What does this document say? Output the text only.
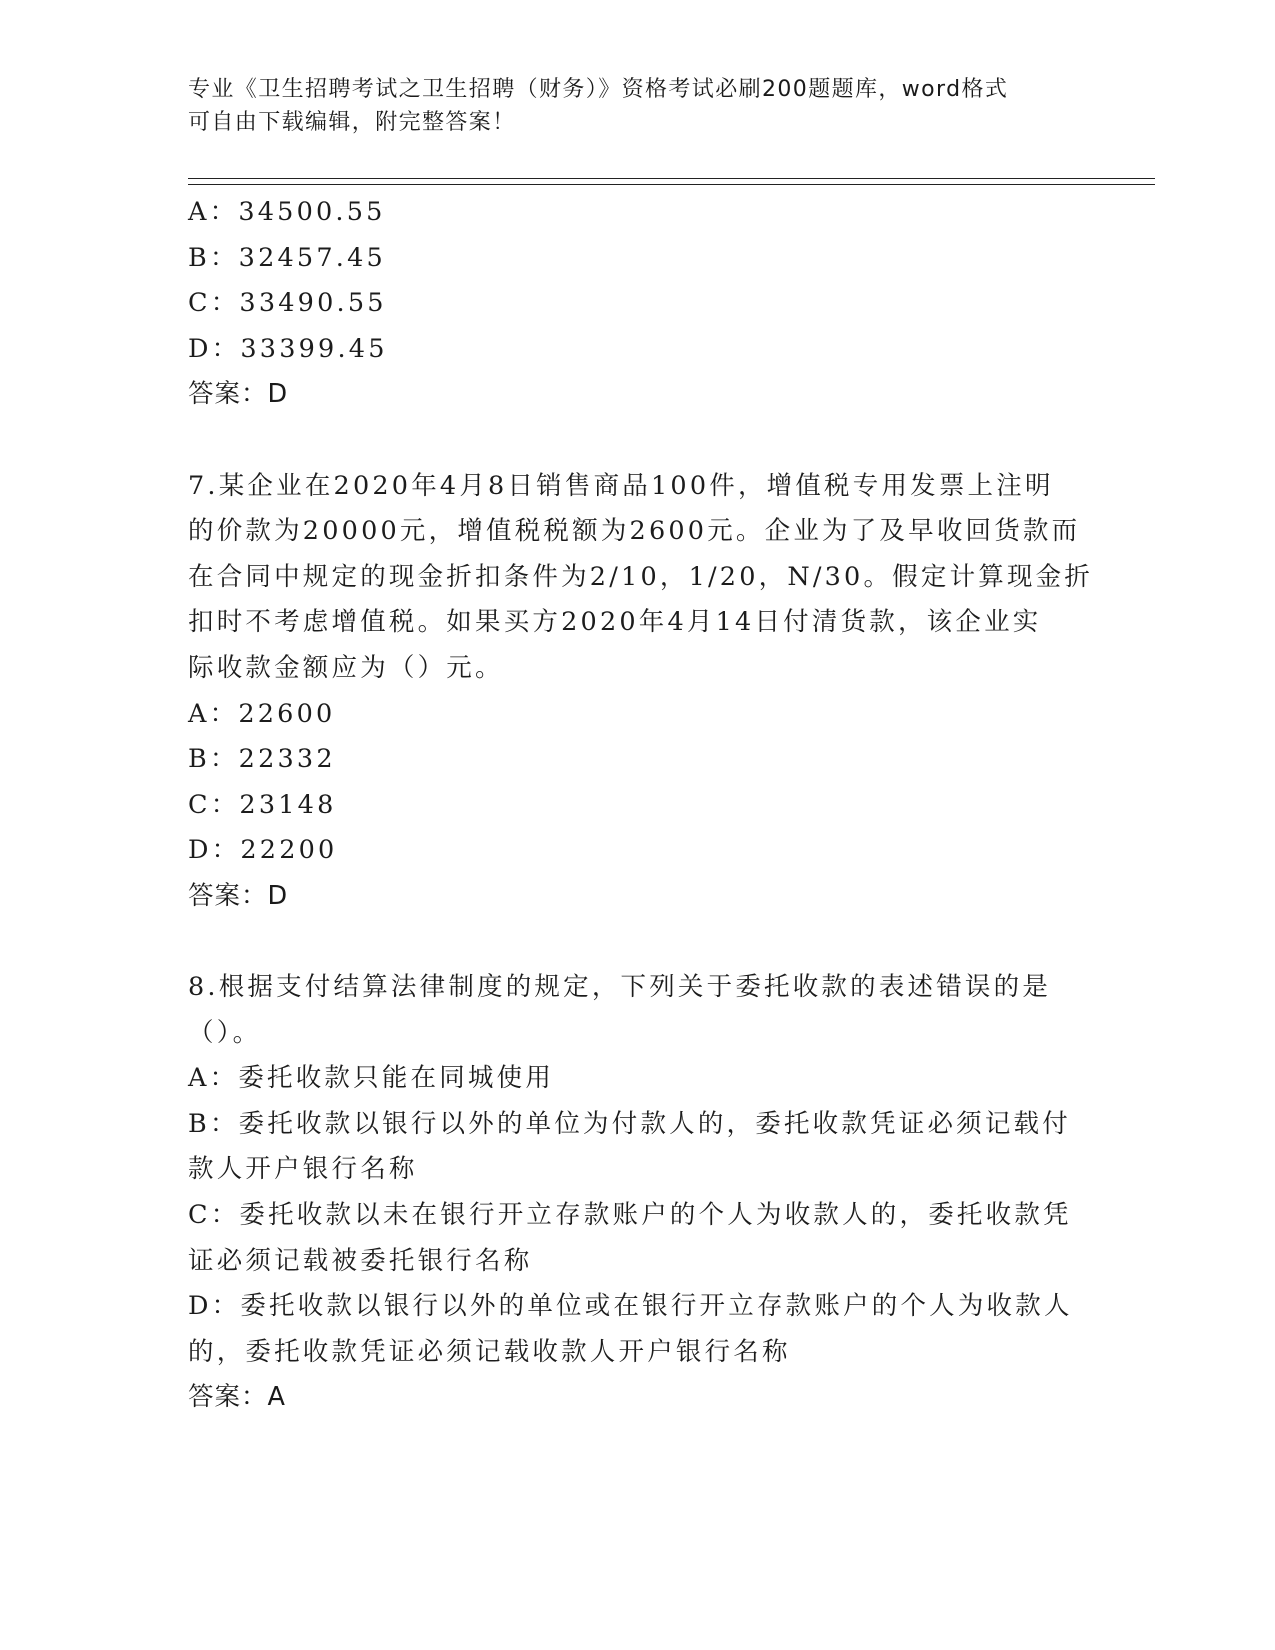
专业《卫生招聘考试之卫生招聘（财务）》资格考试必刷200题题库，word格式
可自由下载编辑，附完整答案！
A：34500.55
B：32457.45
C：33490.55
D：33399.45
答案：D
7.某企业在2020年4月8日销售商品100件，增值税专用发票上注明
的价款为20000元，增值税税额为2600元。企业为了及早收回货款而
在合同中规定的现金折扣条件为2/10，1/20，N/30。假定计算现金折
扣时不考虑增值税。如果买方2020年4月14日付清货款，该企业实
际收款金额应为（）元。
A：22600
B：22332
C：23148
D：22200
答案：D
8.根据支付结算法律制度的规定，下列关于委托收款的表述错误的是
（）。
A：委托收款只能在同城使用
B：委托收款以银行以外的单位为付款人的，委托收款凭证必须记载付
款人开户银行名称
C：委托收款以未在银行开立存款账户的个人为收款人的，委托收款凭
证必须记载被委托银行名称
D：委托收款以银行以外的单位或在银行开立存款账户的个人为收款人
的，委托收款凭证必须记载收款人开户银行名称
答案：A
